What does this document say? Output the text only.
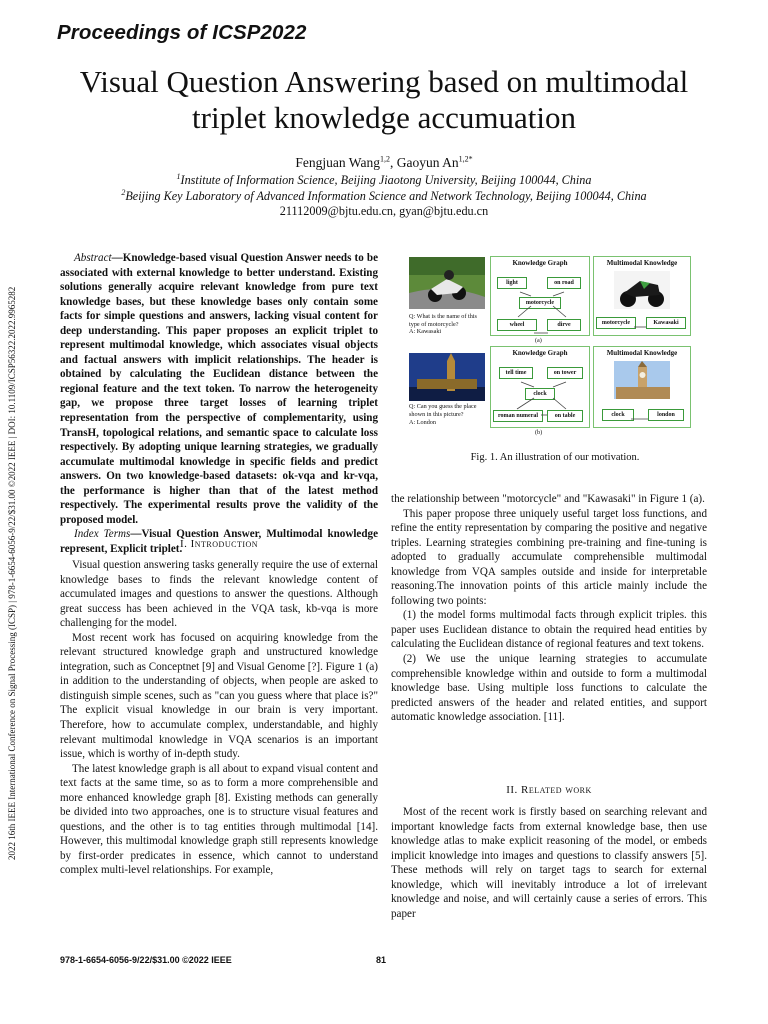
Proceedings of ICSP2022
Visual Question Answering based on multimodal
triplet knowledge accumuation
Fengjuan Wang$^{1,2}$, Gaoyun $An^{1,2*}$
$^1$Institute of Information Science, Beijing Jiaotong University, Beijing 100044, China
$^2$Beijing Key Laboratory of Advanced Information Science and Network Technology, Beijing 100044, China
21112009@bjtu.edu.cn, gyan@bjtu.edu.cn
2022 16th IEEE International Conference on Signal Processing (ICSP) | 978-1-6654-6056-9/22/$31.00 ©2022 IEEE | DOI: 10.1109/ICSP56322.2022.9965282

Abstract—Knowledge-based visual Question Answer needs to be associated with external knowledge to better understand. Existing solutions generally acquire relevant knowledge from pure text knowledge bases, but these knowledge bases only contain some facts for simple questions and answers, lacking visual content for deep understanding. This paper proposes an explicit triplet to represent multimodal knowledge, which associates visual objects and factual answers with implicit relationships. The header is obtained by calculating the Euclidean distance between the regional feature and the text token. To narrow the heterogeneity gap, we propose three target losses of learning triplet representation from the perspective of complementarity, using TransH, topological relations, and semantic space to calculate loss respectively. By adopting unique learning strategies, we gradually accumulate multimodal knowledge in specific fields and predict answers. On two knowledge-based datasets: ok-vqa and kr-vqa, the performance is higher than that of the latest method respectively. The experimental results prove the validity of the proposed model.

Index Terms—Visual Question Answer, Multimodal knowledge represent, Explicit triplet.

I. Introduction

Visual question answering tasks generally require the use of external knowledge bases to finds the relevant knowledge content of accumulated images and questions to answer the questions. Although great success has been achieved in the VQA task, kb-vqa is more challenging for the model.

Most recent work has focused on acquiring knowledge from the relevant structured knowledge graph and unstructured knowledge integration, such as Conceptnet [9] and Visual Genome [?]. Figure 1 (a) in addition to the understanding of objects, when people are asked to distinguish simple scenes, such as "can you guess where that place is?" The explicit visual knowledge in our brain is very important. Therefore, how to accumulate complex, understandable, and highly relevant multimodal knowledge in VQA scenarios is an important issue, which is worthy of in-depth study.

The latest knowledge graph is all about to expand visual content and text facts at the same time, so as to form a more comprehensible and more enhanced knowledge graph [8]. Existing methods can generally be divided into two approaches, one is to structure visual features and questions, and the other is to tag entities through multimodal [14]. However, this multimodal knowledge graph still represents knowledge by first-order predicates in essence, which cannot to understand complex multi-level relationships. For example,

Q: What is the name of this type of motorcycle?
A: Kawasaki
Knowledge Graph
light	on road
motorcycle
wheel	dirve
Multimodal Knowledge
motorcycle	Kawasaki
(a)
Q: Can you guess the place shown in this picture?
A: London
Knowledge Graph
tell time	on tower
clock
roman numeral	on table
Multimodal Knowledge
clock	london
(b)
Fig. 1. An illustration of our motivation.

the relationship between "motorcycle" and "Kawasaki" in Figure 1 (a).

This paper propose three uniquely useful target loss functions, and refine the entity representation by comparing the positive and negative triples. Learning strategies combining pre-training and fine-tuning is adopted to gradually accumulate comprehensible multimodal knowledge from VQA samples outside and inside for interpretable reasoning.The innovation points of this article mainly include the following two points:

(1) the model forms multimodal facts through explicit triples. this paper uses Euclidean distance to obtain the required head entities by calculating the Euclidean distance of regional features and text tokens.

(2) We use the unique learning strategies to accumulate comprehensible knowledge within and outside to form a multimodal knowledge base. Using multiple loss functions to calculate the predicted answers of the header and related entities, and support automatic knowledge association. [11].

II. Related work

Most of the recent work is firstly based on searching relevant and important knowledge facts from external knowledge base, then use knowledge atlas to make explicit reasoning of the model, or embeds implicit knowledge into images and questions to classify answers [5]. These methods will rely on target tags to search for external knowledge, which will inevitably introduce a lot of irrelevant knowledge and noise, and will certainly cause a series of errors. This paper

978-1-6654-6056-9/22/$31.00 ©2022 IEEE	81
